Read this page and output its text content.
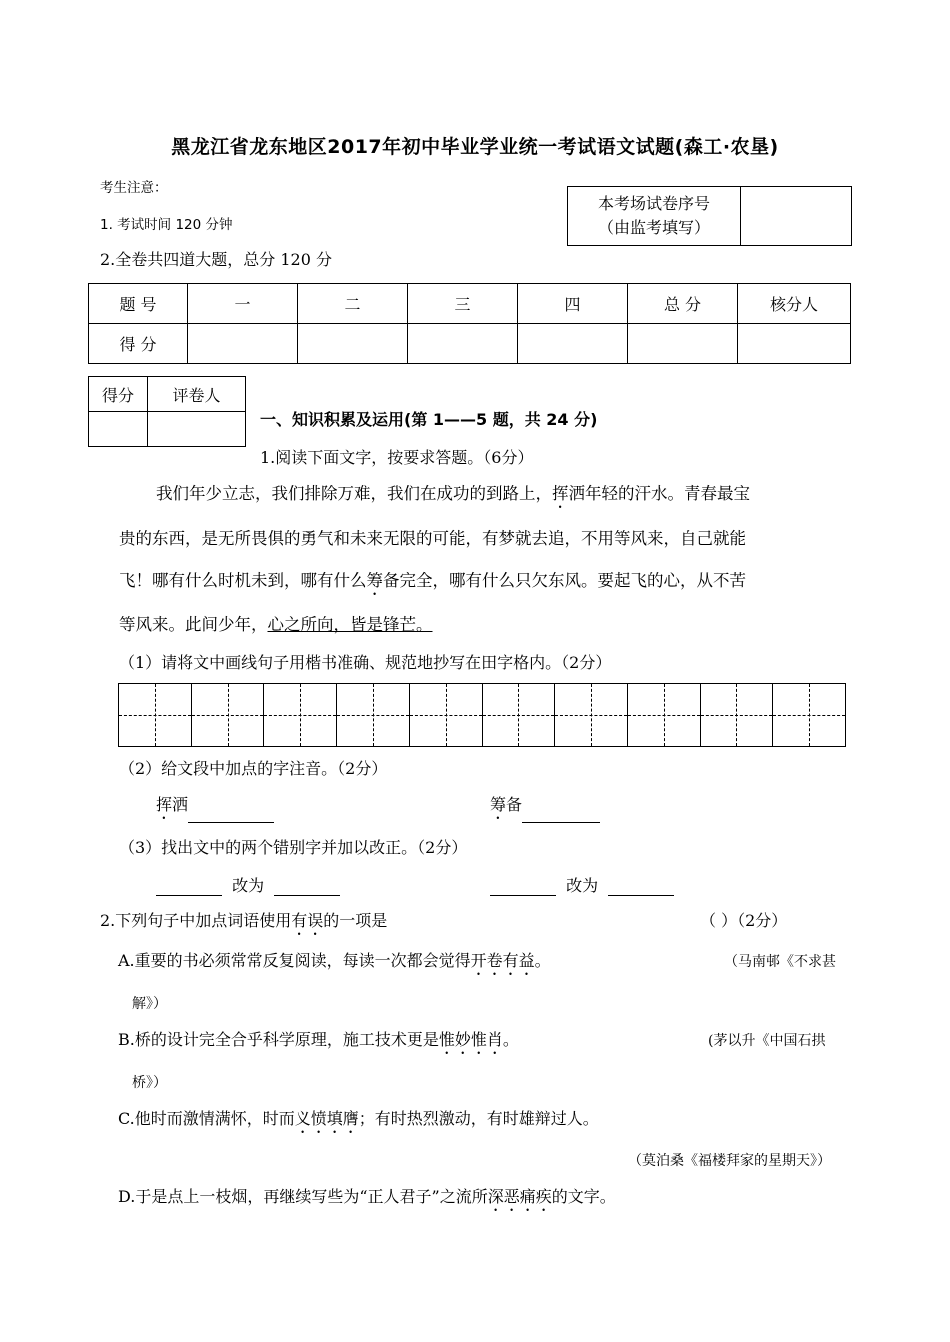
黑龙江省龙东地区2017年初中毕业学业统一考试语文试题(森工·农垦)
考生注意：
1. 考试时间 120 分钟
2.全卷共四道大题，总分 120 分
本考场试卷序号
（由监考填写）

题 号	一	二	三	四	总 分	核分人
得 分						
得分	评卷人

一、知识积累及运用(第 1——5 题，共 24 分)
1.阅读下面文字，按要求答题。（6分）
我们年少立志，我们排除万难，我们在成功的到路上，挥洒年轻的汗水。青春最宝
贵的东西，是无所畏俱的勇气和未来无限的可能，有梦就去追，不用等风来，自己就能
飞！哪有什么时机未到，哪有什么筹备完全，哪有什么只欠东风。要起飞的心，从不苦
等风来。此间少年，心之所向，皆是锋芒。
（1）请将文中画线句子用楷书准确、规范地抄写在田字格内。（2分）
（2）给文段中加点的字注音。（2分）
挥洒	筹备
（3）找出文中的两个错别字并加以改正。（2分）
改为	改为
2.下列句子中加点词语使用有误的一项是	（ ）（2分）
A.重要的书必须常常反复阅读，每读一次都会觉得开卷有益。	（马南邨《不求甚
解》）
B.桥的设计完全合乎科学原理，施工技术更是惟妙惟肖。	(茅以升《中国石拱
桥》）
C.他时而激情满怀，时而义愤填膺；有时热烈激动，有时雄辩过人。
（莫泊桑《福楼拜家的星期天》）
D.于是点上一枝烟，再继续写些为“正人君子”之流所深恶痛疾的文字。
